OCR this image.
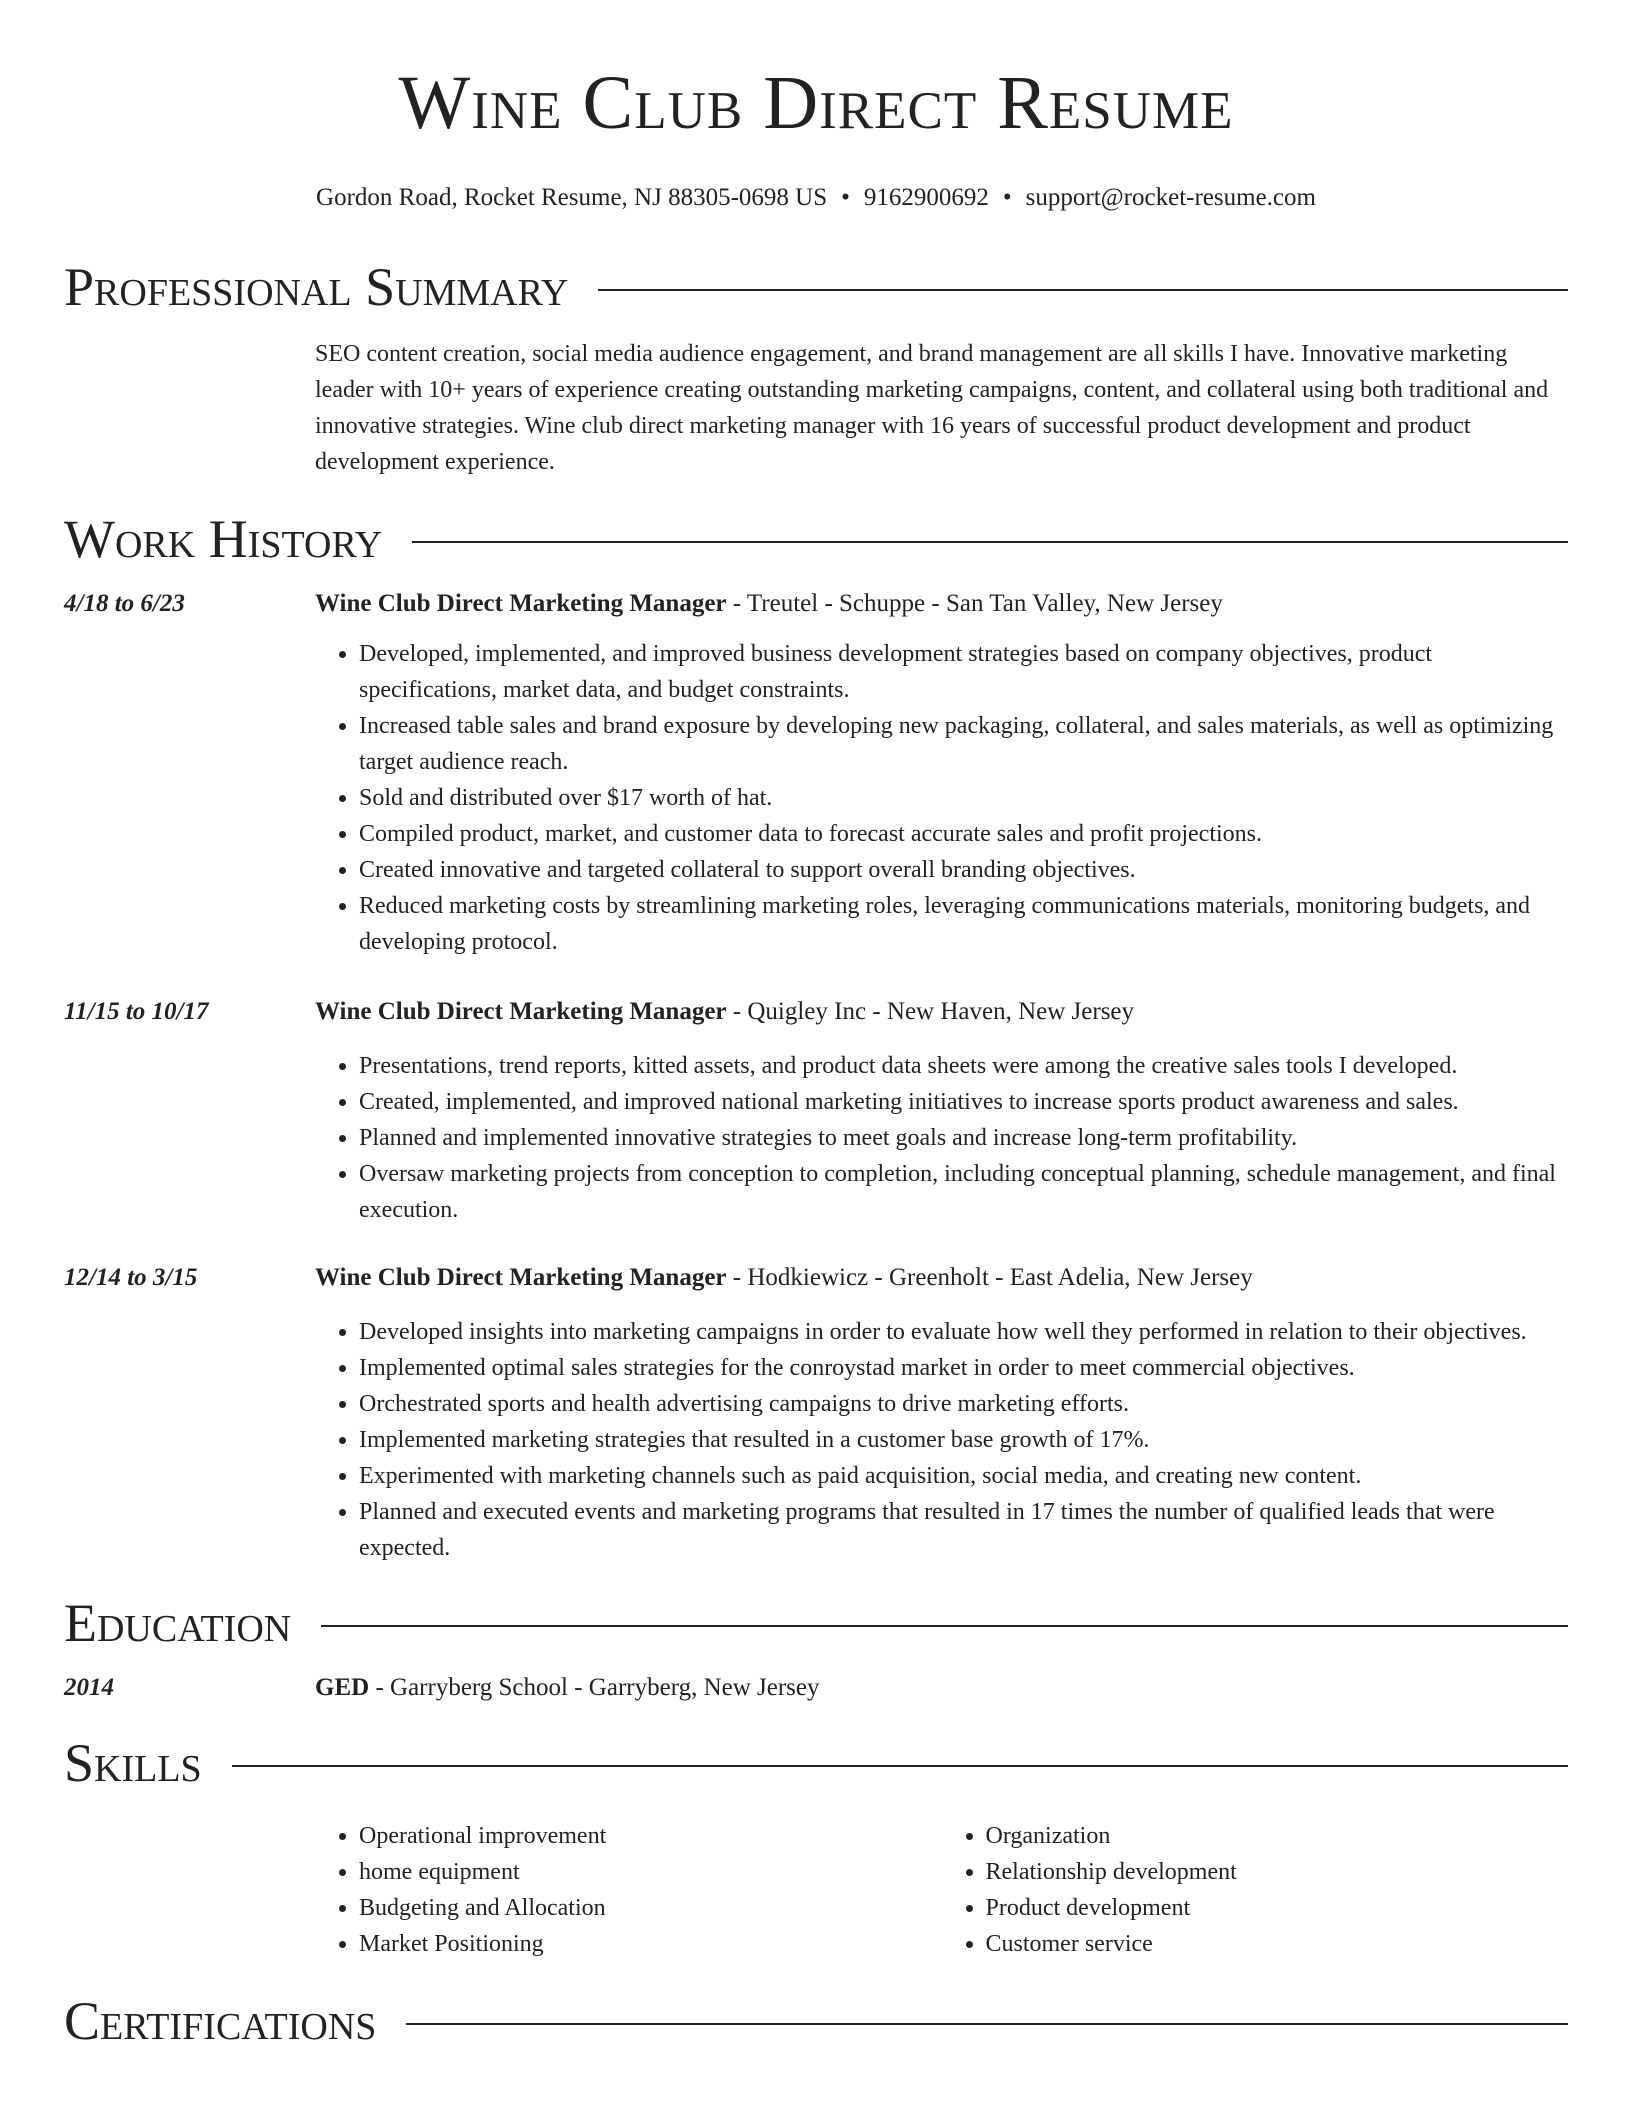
Wine Club Direct Resume
Gordon Road, Rocket Resume, NJ 88305-0698 US • 9162900692 • support@rocket-resume.com
Professional Summary
SEO content creation, social media audience engagement, and brand management are all skills I have. Innovative marketing leader with 10+ years of experience creating outstanding marketing campaigns, content, and collateral using both traditional and innovative strategies. Wine club direct marketing manager with 16 years of successful product development and product development experience.
Work History
4/18 to 6/23	Wine Club Direct Marketing Manager - Treutel - Schuppe - San Tan Valley, New Jersey
• Developed, implemented, and improved business development strategies based on company objectives, product specifications, market data, and budget constraints.
• Increased table sales and brand exposure by developing new packaging, collateral, and sales materials, as well as optimizing target audience reach.
• Sold and distributed over $17 worth of hat.
• Compiled product, market, and customer data to forecast accurate sales and profit projections.
• Created innovative and targeted collateral to support overall branding objectives.
• Reduced marketing costs by streamlining marketing roles, leveraging communications materials, monitoring budgets, and developing protocol.
11/15 to 10/17	Wine Club Direct Marketing Manager - Quigley Inc - New Haven, New Jersey
• Presentations, trend reports, kitted assets, and product data sheets were among the creative sales tools I developed.
• Created, implemented, and improved national marketing initiatives to increase sports product awareness and sales.
• Planned and implemented innovative strategies to meet goals and increase long-term profitability.
• Oversaw marketing projects from conception to completion, including conceptual planning, schedule management, and final execution.
12/14 to 3/15	Wine Club Direct Marketing Manager - Hodkiewicz - Greenholt - East Adelia, New Jersey
• Developed insights into marketing campaigns in order to evaluate how well they performed in relation to their objectives.
• Implemented optimal sales strategies for the conroystad market in order to meet commercial objectives.
• Orchestrated sports and health advertising campaigns to drive marketing efforts.
• Implemented marketing strategies that resulted in a customer base growth of 17%.
• Experimented with marketing channels such as paid acquisition, social media, and creating new content.
• Planned and executed events and marketing programs that resulted in 17 times the number of qualified leads that were expected.
Education
2014	GED - Garryberg School - Garryberg, New Jersey
Skills
• Operational improvement
• home equipment
• Budgeting and Allocation
• Market Positioning
• Organization
• Relationship development
• Product development
• Customer service
Certifications
